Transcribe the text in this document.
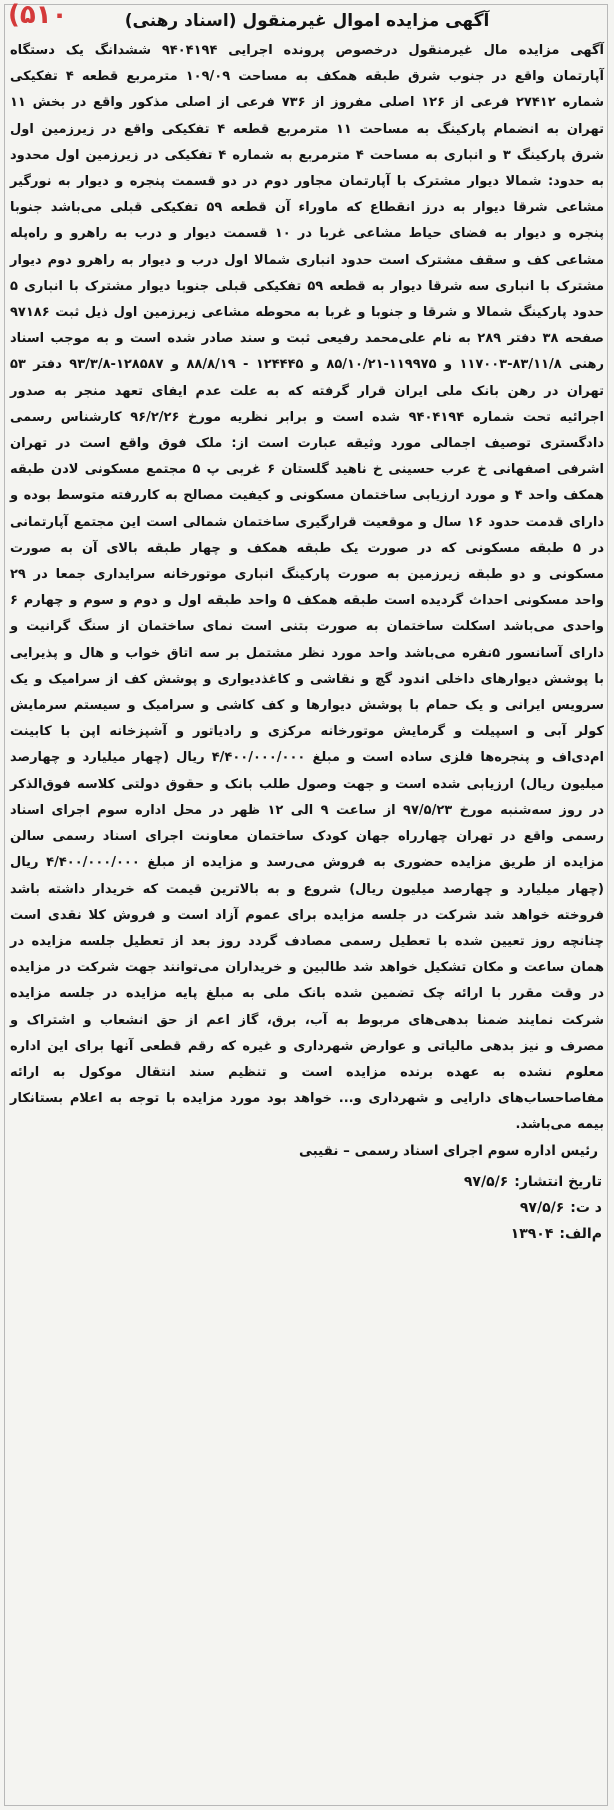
(۵۱۰	آگهی مزایده اموال غیرمنقول (اسناد رهنی)
آگهی مزایده مال غیرمنقول درخصوص پرونده اجرایی ۹۴۰۴۱۹۴ ششدانگ یک دستگاه آپارتمان واقع در جنوب شرق طبقه همکف به مساحت ۱۰۹/۰۹ مترمربع قطعه ۴ تفکیکی شماره ۲۷۴۱۲ فرعی از ۱۲۶ اصلی مفروز از ۷۳۶ فرعی از اصلی مذکور واقع در بخش ۱۱ تهران به انضمام پارکینگ به مساحت ۱۱ مترمربع قطعه ۴ تفکیکی واقع در زیرزمین اول شرق پارکینگ ۳ و انباری به مساحت ۴ مترمربع به شماره ۴ تفکیکی در زیرزمین اول محدود به حدود: شمالا دیوار مشترک با آپارتمان مجاور دوم در دو قسمت پنجره و دیوار به نورگیر مشاعی شرقا دیوار به درز انقطاع که ماوراء آن قطعه ۵۹ تفکیکی قبلی می‌باشد جنوبا پنجره و دیوار به فضای حیاط مشاعی غربا در ۱۰ قسمت دیوار و درب به راهرو و راه‌پله مشاعی کف و سقف مشترک است حدود انباری شمالا اول درب و دیوار به راهرو دوم دیوار مشترک با انباری سه شرقا دیوار به قطعه ۵۹ تفکیکی قبلی جنوبا دیوار مشترک با انباری ۵ حدود پارکینگ شمالا و شرقا و جنوبا و غربا به محوطه مشاعی زیرزمین اول ذیل ثبت ۹۷۱۸۶ صفحه ۳۸ دفتر ۲۸۹ به نام علی‌محمد رفیعی ثبت و سند صادر شده است و به موجب اسناد رهنی ۸۳/۱۱/۸-۱۱۷۰۰۳ و ۱۱۹۹۷۵-۸۵/۱۰/۲۱ و ۱۲۴۴۴۵ - ۸۸/۸/۱۹ و ۱۲۸۵۸۷-۹۳/۳/۸ دفتر ۵۳ تهران در رهن بانک ملی ایران قرار گرفته که به علت عدم ایفای تعهد منجر به صدور اجرائیه تحت شماره ۹۴۰۴۱۹۴ شده است و برابر نظریه مورخ ۹۶/۲/۲۶ کارشناس رسمی دادگستری توصیف اجمالی مورد وثیقه عبارت است از: ملک فوق واقع است در تهران اشرفی اصفهانی خ عرب حسینی خ ناهید گلستان ۶ غربی پ ۵ مجتمع مسکونی لادن طبقه همکف واحد ۴ و مورد ارزیابی ساختمان مسکونی و کیفیت مصالح به کاررفته متوسط بوده و دارای قدمت حدود ۱۶ سال و موقعیت قرارگیری ساختمان شمالی است این مجتمع آپارتمانی در ۵ طبقه مسکونی که در صورت یک طبقه همکف و چهار طبقه بالای آن به صورت مسکونی و دو طبقه زیرزمین به صورت پارکینگ انباری موتورخانه سرایداری جمعا در ۲۹ واحد مسکونی احداث گردیده است طبقه همکف ۵ واحد طبقه اول و دوم و سوم و چهارم ۶ واحدی می‌باشد اسکلت ساختمان به صورت بتنی است نمای ساختمان از سنگ گرانیت و دارای آسانسور ۵نفره می‌باشد واحد مورد نظر مشتمل بر سه اتاق خواب و هال و پذیرایی با پوشش دیوارهای داخلی اندود گچ و نقاشی و کاغذدیواری و پوشش کف از سرامیک و یک سرویس ایرانی و یک حمام با پوشش دیوارها و کف کاشی و سرامیک و سیستم سرمایش کولر آبی و اسپیلت و گرمایش موتورخانه مرکزی و رادیاتور و آشپزخانه اپن با کابینت ام‌دی‌اف و پنجره‌ها فلزی ساده است و مبلغ ۴/۴۰۰/۰۰۰/۰۰۰ ریال (چهار میلیارد و چهارصد میلیون ریال) ارزیابی شده است و جهت وصول طلب بانک و حقوق دولتی کلاسه فوق‌الذکر در روز سه‌شنبه مورخ ۹۷/۵/۲۳ از ساعت ۹ الی ۱۲ ظهر در محل اداره سوم اجرای اسناد رسمی واقع در تهران چهارراه جهان کودک ساختمان معاونت اجرای اسناد رسمی سالن مزایده از طریق مزایده حضوری به فروش می‌رسد و مزایده از مبلغ ۴/۴۰۰/۰۰۰/۰۰۰ ریال (چهار میلیارد و چهارصد میلیون ریال) شروع و به بالاترین قیمت که خریدار داشته باشد فروخته خواهد شد شرکت در جلسه مزایده برای عموم آزاد است و فروش کلا نقدی است چنانچه روز تعیین شده با تعطیل رسمی مصادف گردد روز بعد از تعطیل جلسه مزایده در همان ساعت و مکان تشکیل خواهد شد طالبین و خریداران می‌توانند جهت شرکت در مزایده در وقت مقرر با ارائه چک تضمین شده بانک ملی به مبلغ پایه مزایده در جلسه مزایده شرکت نمایند ضمنا بدهی‌های مربوط به آب، برق، گاز اعم از حق انشعاب و اشتراک و مصرف و نیز بدهی مالیاتی و عوارض شهرداری و غیره که رقم قطعی آنها برای این اداره معلوم نشده به عهده برنده مزایده است و تنظیم سند انتقال موکول به ارائه مفاصاحساب‌های دارایی و شهرداری و... خواهد بود مورد مزایده با توجه به اعلام بستانکار بیمه می‌باشد.
رئیس اداره سوم اجرای اسناد رسمی – نقیبی
تاریخ انتشار:
۹۷/۵/۶
د ت:
۹۷/۵/۶
م‌الف:
۱۳۹۰۴
